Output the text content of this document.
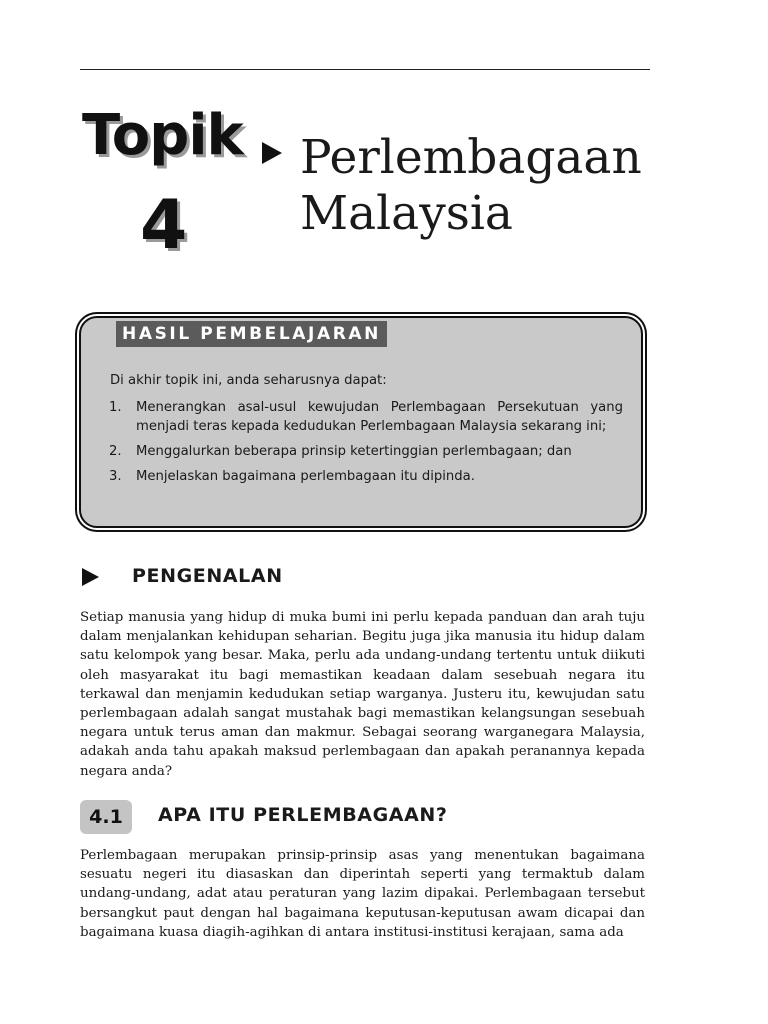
Topik
4
Perlembagaan
Malaysia
HASIL PEMBELAJARAN
Di akhir topik ini, anda seharusnya dapat:
1. Menerangkan asal-usul kewujudan Perlembagaan Persekutuan yang menjadi teras kepada kedudukan Perlembagaan Malaysia sekarang ini;
2. Menggalurkan beberapa prinsip ketertinggian perlembagaan; dan
3. Menjelaskan bagaimana perlembagaan itu dipinda.
PENGENALAN

Setiap manusia yang hidup di muka bumi ini perlu kepada panduan dan arah tuju dalam menjalankan kehidupan seharian. Begitu juga jika manusia itu hidup dalam satu kelompok yang besar. Maka, perlu ada undang-undang tertentu untuk diikuti oleh masyarakat itu bagi memastikan keadaan dalam sesebuah negara itu terkawal dan menjamin kedudukan setiap warganya. Justeru itu, kewujudan satu perlembagaan adalah sangat mustahak bagi memastikan kelangsungan sesebuah negara untuk terus aman dan makmur. Sebagai seorang warganegara Malaysia, adakah anda tahu apakah maksud perlembagaan dan apakah peranannya kepada negara anda?

4.1	APA ITU PERLEMBAGAAN?

Perlembagaan merupakan prinsip-prinsip asas yang menentukan bagaimana sesuatu negeri itu diasaskan dan diperintah seperti yang termaktub dalam undang-undang, adat atau peraturan yang lazim dipakai. Perlembagaan tersebut bersangkut paut dengan hal bagaimana keputusan-keputusan awam dicapai dan bagaimana kuasa diagih-agihkan di antara institusi-institusi kerajaan, sama ada
